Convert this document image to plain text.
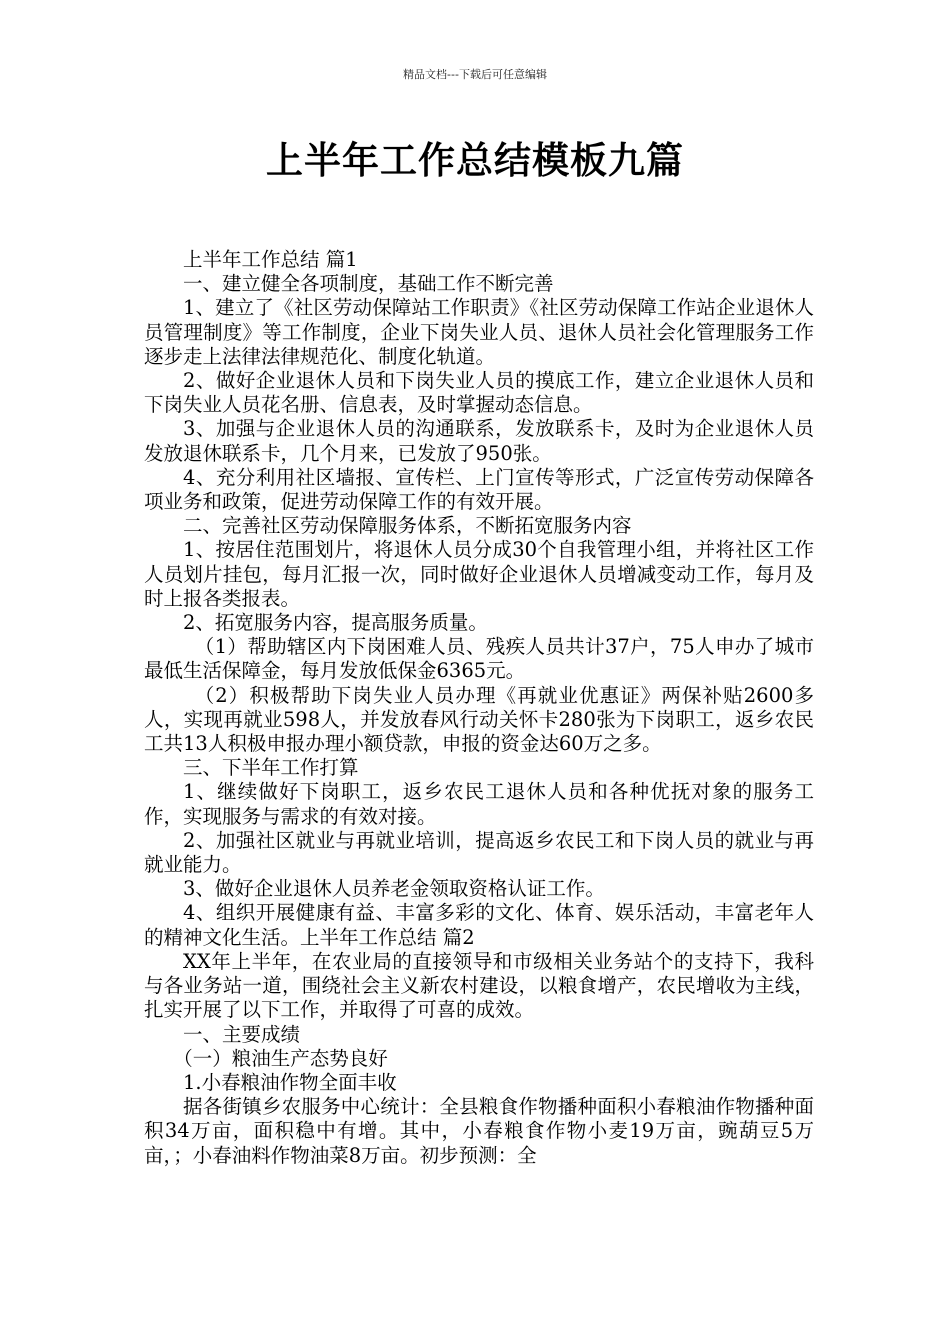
精品文档---下载后可任意编辑
上半年工作总结模板九篇

上半年工作总结 篇1

一、建立健全各项制度，基础工作不断完善

1、建立了《社区劳动保障站工作职责》《社区劳动保障工作站企业退休人员管理制度》等工作制度，企业下岗失业人员、退休人员社会化管理服务工作逐步走上法律法律规范化、制度化轨道。

2、做好企业退休人员和下岗失业人员的摸底工作，建立企业退休人员和下岗失业人员花名册、信息表，及时掌握动态信息。

3、加强与企业退休人员的沟通联系，发放联系卡，及时为企业退休人员发放退休联系卡，几个月来，已发放了950张。

4、充分利用社区墙报、宣传栏、上门宣传等形式，广泛宣传劳动保障各项业务和政策，促进劳动保障工作的有效开展。

二、完善社区劳动保障服务体系，不断拓宽服务内容

1、按居住范围划片，将退休人员分成30个自我管理小组，并将社区工作人员划片挂包，每月汇报一次，同时做好企业退休人员增减变动工作，每月及时上报各类报表。

2、拓宽服务内容，提高服务质量。

（1）帮助辖区内下岗困难人员、残疾人员共计37户，75人申办了城市最低生活保障金，每月发放低保金6365元。

（2）积极帮助下岗失业人员办理《再就业优惠证》两保补贴2600多人，实现再就业598人，并发放春风行动关怀卡280张为下岗职工，返乡农民工共13人积极申报办理小额贷款，申报的资金达60万之多。

三、下半年工作打算

1、继续做好下岗职工，返乡农民工退休人员和各种优抚对象的服务工作，实现服务与需求的有效对接。

2、加强社区就业与再就业培训，提高返乡农民工和下岗人员的就业与再就业能力。

3、做好企业退休人员养老金领取资格认证工作。

4、组织开展健康有益、丰富多彩的文化、体育、娱乐活动，丰富老年人的精神文化生活。上半年工作总结 篇2

XX年上半年，在农业局的直接领导和市级相关业务站个的支持下，我科与各业务站一道，围绕社会主义新农村建设，以粮食增产，农民增收为主线，扎实开展了以下工作，并取得了可喜的成效。

一、主要成绩

（一）粮油生产态势良好

1.小春粮油作物全面丰收

据各街镇乡农服务中心统计：全县粮食作物播种面积小春粮油作物播种面积34万亩，面积稳中有增。其中，小春粮食作物小麦19万亩，豌葫豆5万亩，；小春油料作物油菜8万亩。初步预测：全
